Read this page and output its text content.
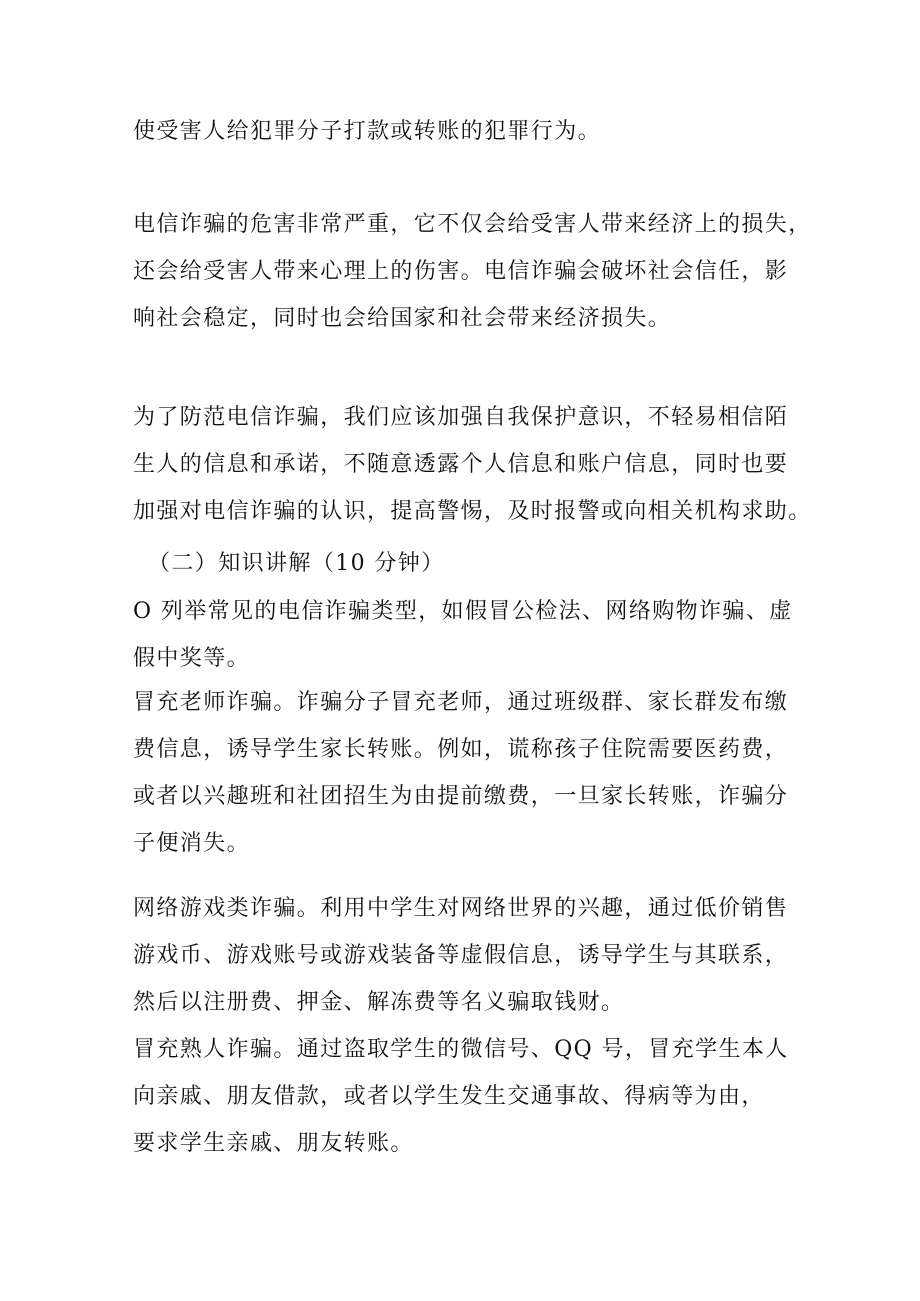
使受害人给犯罪分子打款或转账的犯罪行为。
电信诈骗的危害非常严重，它不仅会给受害人带来经济上的损失，
还会给受害人带来心理上的伤害。电信诈骗会破坏社会信任，影
响社会稳定，同时也会给国家和社会带来经济损失。
为了防范电信诈骗，我们应该加强自我保护意识，不轻易相信陌
生人的信息和承诺，不随意透露个人信息和账户信息，同时也要
加强对电信诈骗的认识，提高警惕，及时报警或向相关机构求助。
（二）知识讲解（10 分钟）
O 列举常见的电信诈骗类型，如假冒公检法、网络购物诈骗、虚
假中奖等。
冒充老师诈骗。诈骗分子冒充老师，通过班级群、家长群发布缴
费信息，诱导学生家长转账。例如，谎称孩子住院需要医药费，
或者以兴趣班和社团招生为由提前缴费，一旦家长转账，诈骗分
子便消失。
网络游戏类诈骗。利用中学生对网络世界的兴趣，通过低价销售
游戏币、游戏账号或游戏装备等虚假信息，诱导学生与其联系，
然后以注册费、押金、解冻费等名义骗取钱财。
冒充熟人诈骗。通过盗取学生的微信号、QQ 号，冒充学生本人
向亲戚、朋友借款，或者以学生发生交通事故、得病等为由，
要求学生亲戚、朋友转账。
